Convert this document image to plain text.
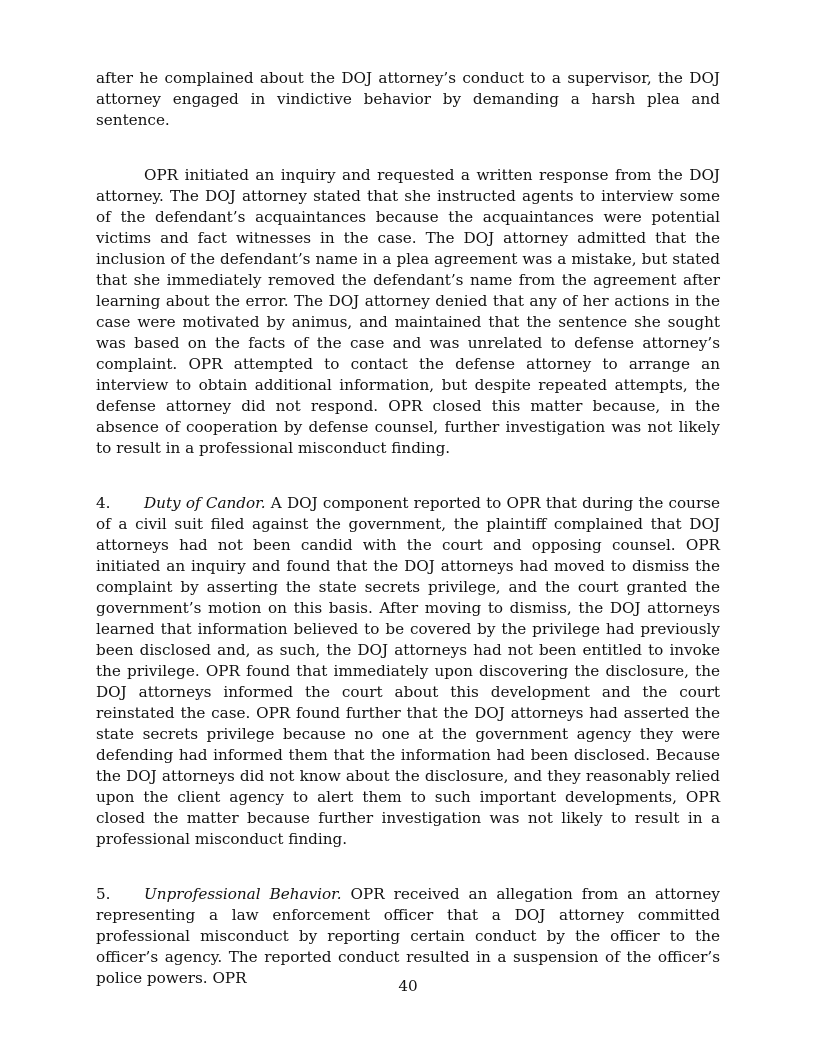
after he complained about the DOJ attorney’s conduct to a supervisor, the DOJ attorney engaged in vindictive behavior by demanding a harsh plea and sentence.

OPR initiated an inquiry and requested a written response from the DOJ attorney. The DOJ attorney stated that she instructed agents to interview some of the defendant’s acquaintances because the acquaintances were potential victims and fact witnesses in the case. The DOJ attorney admitted that the inclusion of the defendant’s name in a plea agreement was a mistake, but stated that she immediately removed the defendant’s name from the agreement after learning about the error. The DOJ attorney denied that any of her actions in the case were motivated by animus, and maintained that the sentence she sought was based on the facts of the case and was unrelated to defense attorney’s complaint. OPR attempted to contact the defense attorney to arrange an interview to obtain additional information, but despite repeated attempts, the defense attorney did not respond. OPR closed this matter because, in the absence of cooperation by defense counsel, further investigation was not likely to result in a professional misconduct finding.

4. Duty of Candor. A DOJ component reported to OPR that during the course of a civil suit filed against the government, the plaintiff complained that DOJ attorneys had not been candid with the court and opposing counsel. OPR initiated an inquiry and found that the DOJ attorneys had moved to dismiss the complaint by asserting the state secrets privilege, and the court granted the government’s motion on this basis. After moving to dismiss, the DOJ attorneys learned that information believed to be covered by the privilege had previously been disclosed and, as such, the DOJ attorneys had not been entitled to invoke the privilege. OPR found that immediately upon discovering the disclosure, the DOJ attorneys informed the court about this development and the court reinstated the case. OPR found further that the DOJ attorneys had asserted the state secrets privilege because no one at the government agency they were defending had informed them that the information had been disclosed. Because the DOJ attorneys did not know about the disclosure, and they reasonably relied upon the client agency to alert them to such important developments, OPR closed the matter because further investigation was not likely to result in a professional misconduct finding.

5. Unprofessional Behavior. OPR received an allegation from an attorney representing a law enforcement officer that a DOJ attorney committed professional misconduct by reporting certain conduct by the officer to the officer’s agency. The reported conduct resulted in a suspension of the officer’s police powers. OPR	40
